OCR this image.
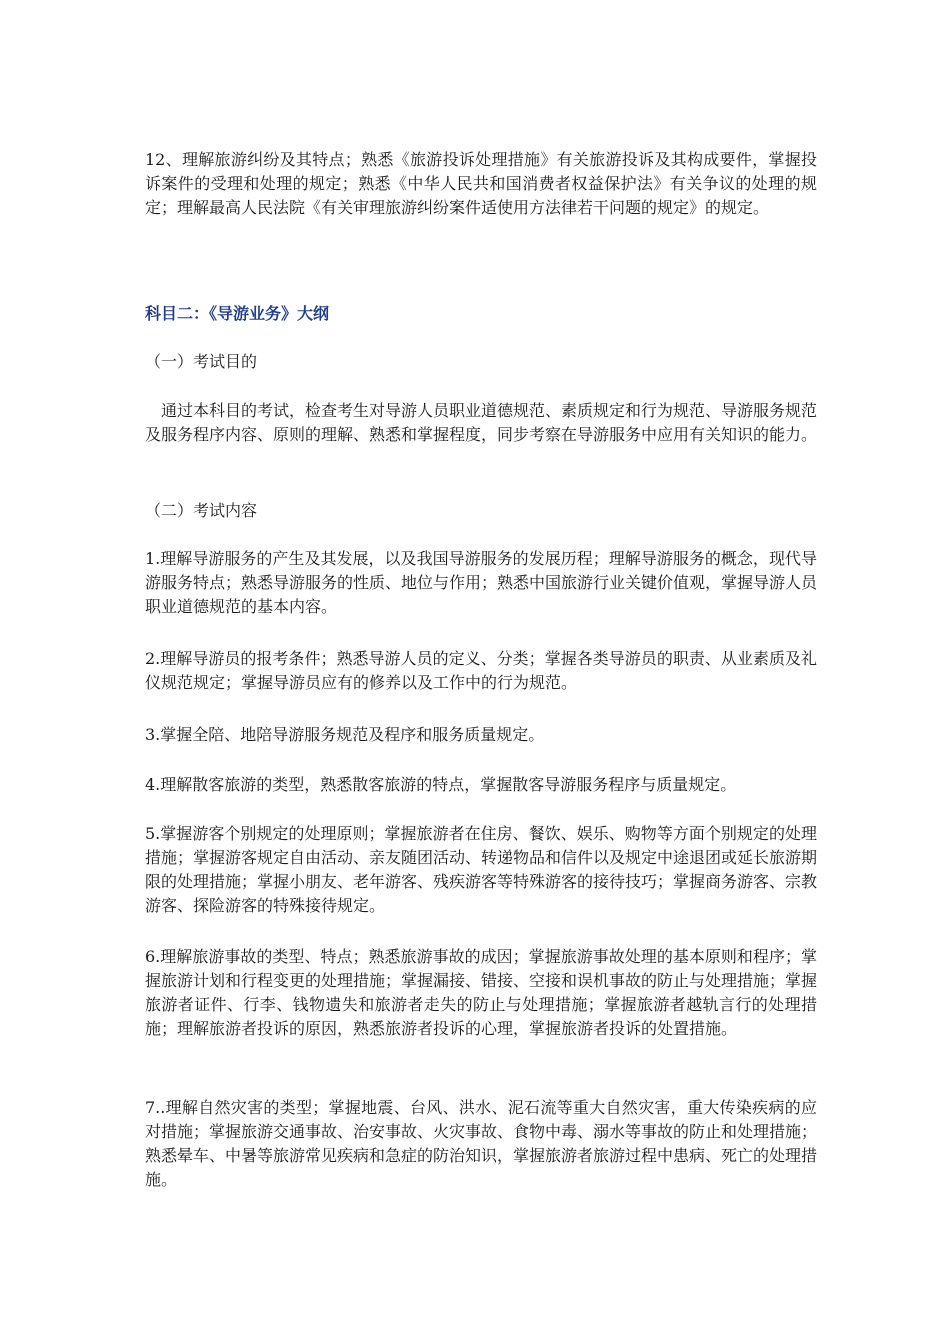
12、理解旅游纠纷及其特点；熟悉《旅游投诉处理措施》有关旅游投诉及其构成要件，掌握投诉案件的受理和处理的规定；熟悉《中华人民共和国消费者权益保护法》有关争议的处理的规定；理解最高人民法院《有关审理旅游纠纷案件适使用方法律若干问题的规定》的规定。

科目二：《导游业务》大纲

（一）考试目的

通过本科目的考试，检查考生对导游人员职业道德规范、素质规定和行为规范、导游服务规范及服务程序内容、原则的理解、熟悉和掌握程度，同步考察在导游服务中应用有关知识的能力。

（二）考试内容

1.理解导游服务的产生及其发展，以及我国导游服务的发展历程；理解导游服务的概念，现代导游服务特点；熟悉导游服务的性质、地位与作用；熟悉中国旅游行业关键价值观，掌握导游人员职业道德规范的基本内容。

2.理解导游员的报考条件；熟悉导游人员的定义、分类；掌握各类导游员的职责、从业素质及礼仪规范规定；掌握导游员应有的修养以及工作中的行为规范。

3.掌握全陪、地陪导游服务规范及程序和服务质量规定。

4.理解散客旅游的类型，熟悉散客旅游的特点，掌握散客导游服务程序与质量规定。

5.掌握游客个别规定的处理原则；掌握旅游者在住房、餐饮、娱乐、购物等方面个别规定的处理措施；掌握游客规定自由活动、亲友随团活动、转递物品和信件以及规定中途退团或延长旅游期限的处理措施；掌握小朋友、老年游客、残疾游客等特殊游客的接待技巧；掌握商务游客、宗教游客、探险游客的特殊接待规定。

6.理解旅游事故的类型、特点；熟悉旅游事故的成因；掌握旅游事故处理的基本原则和程序；掌握旅游计划和行程变更的处理措施；掌握漏接、错接、空接和误机事故的防止与处理措施；掌握旅游者证件、行李、钱物遗失和旅游者走失的防止与处理措施；掌握旅游者越轨言行的处理措施；理解旅游者投诉的原因，熟悉旅游者投诉的心理，掌握旅游者投诉的处置措施。

7..理解自然灾害的类型；掌握地震、台风、洪水、泥石流等重大自然灾害，重大传染疾病的应对措施；掌握旅游交通事故、治安事故、火灾事故、食物中毒、溺水等事故的防止和处理措施；熟悉晕车、中暑等旅游常见疾病和急症的防治知识，掌握旅游者旅游过程中患病、死亡的处理措施。
